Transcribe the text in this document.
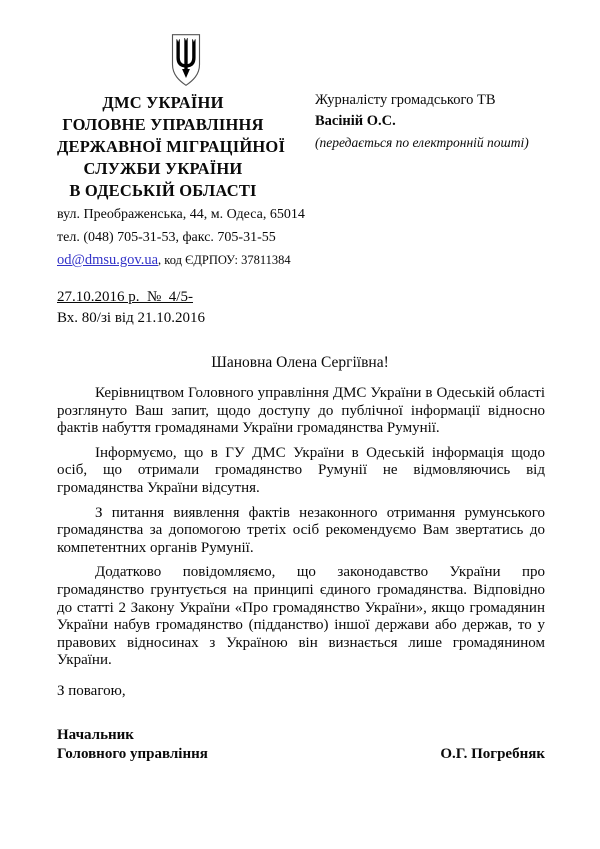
ДМС УКРАЇНИ
ГОЛОВНЕ УПРАВЛІННЯ
ДЕРЖАВНОЇ МІГРАЦІЙНОЇ
СЛУЖБИ УКРАЇНИ
В ОДЕСЬКІЙ ОБЛАСТІ
вул. Преображенська, 44, м. Одеса, 65014
тел. (048) 705-31-53, факс. 705-31-55
od@dmsu.gov.ua, код ЄДРПОУ: 37811384
Журналісту громадського ТВ
Васіній О.С.
(передається по електронній пошті)
27.10.2016 р.  №  4/5-
Вх. 80/зі від 21.10.2016
Шановна Олена Сергіївна!

Керівництвом Головного управління ДМС України в Одеській області розглянуто Ваш запит, щодо доступу до публічної інформації відносно фактів набуття громадянами України громадянства Румунії.

Інформуємо, що в ГУ ДМС України в Одеській інформація щодо осіб, що отримали громадянство Румунії не відмовляючись від громадянства України відсутня.

З питання виявлення фактів незаконного отримання румунського громадянства за допомогою третіх осіб рекомендуємо Вам звертатись до компетентних органів Румунії.

Додатково повідомляємо, що законодавство України про громадянство грунтується на принципі єдиного громадянства. Відповідно до статті 2 Закону України «Про громадянство України», якщо громадянин України набув громадянство (підданство) іншої держави або держав, то у правових відносинах з Україною він визнається лише громадянином України.

З повагою,
Начальник
Головного управління	О.Г. Погребняк
